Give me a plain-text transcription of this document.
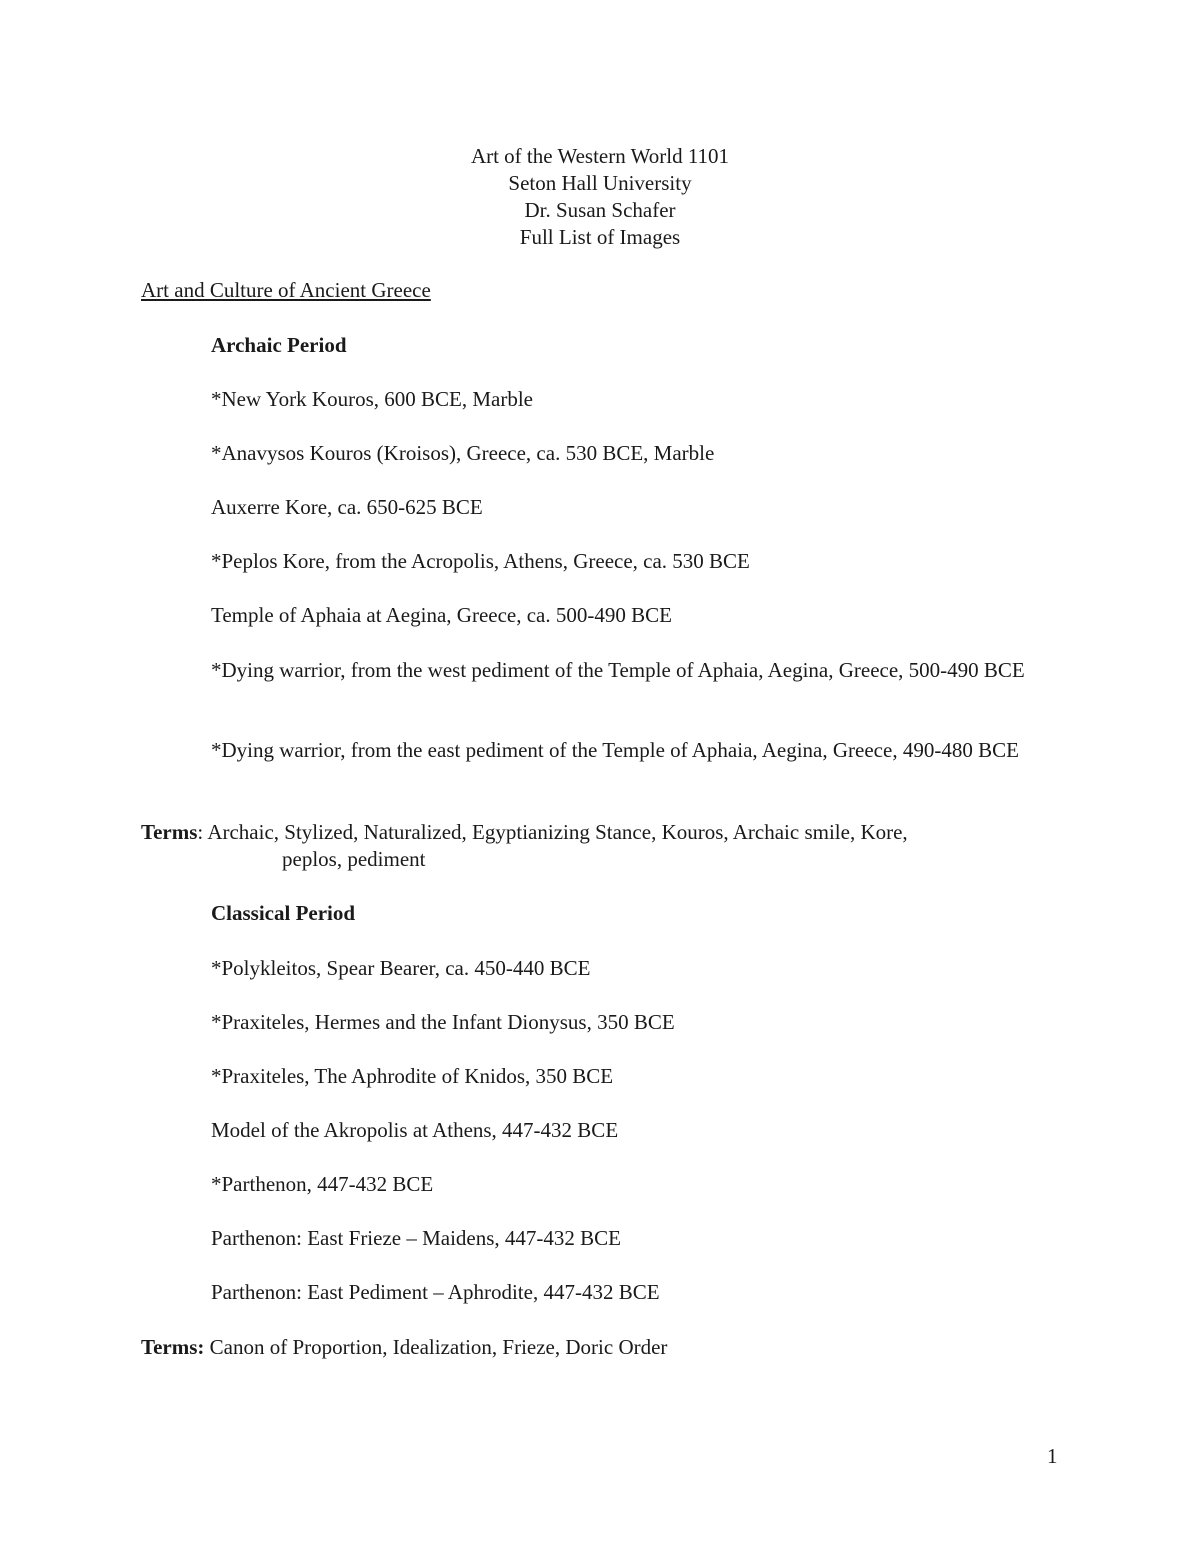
Art of the Western World 1101
Seton Hall University
Dr. Susan Schafer
Full List of Images
Art and Culture of Ancient Greece
Archaic Period
*New York Kouros, 600 BCE, Marble
*Anavysos Kouros (Kroisos), Greece, ca. 530 BCE, Marble
Auxerre Kore, ca. 650-625 BCE
*Peplos Kore, from the Acropolis, Athens, Greece, ca. 530 BCE
Temple of Aphaia at Aegina, Greece, ca. 500-490 BCE
*Dying warrior, from the west pediment of the Temple of Aphaia, Aegina, Greece, 500-490 BCE
*Dying warrior, from the east pediment of the Temple of Aphaia, Aegina, Greece, 490-480 BCE
Terms: Archaic, Stylized, Naturalized, Egyptianizing Stance, Kouros, Archaic smile, Kore,
peplos, pediment
Classical Period
*Polykleitos, Spear Bearer, ca. 450-440 BCE
*Praxiteles, Hermes and the Infant Dionysus, 350 BCE
*Praxiteles, The Aphrodite of Knidos, 350 BCE
Model of the Akropolis at Athens, 447-432 BCE
*Parthenon, 447-432 BCE
Parthenon: East Frieze – Maidens, 447-432 BCE
Parthenon: East Pediment – Aphrodite, 447-432 BCE
Terms: Canon of Proportion, Idealization, Frieze, Doric Order
1
